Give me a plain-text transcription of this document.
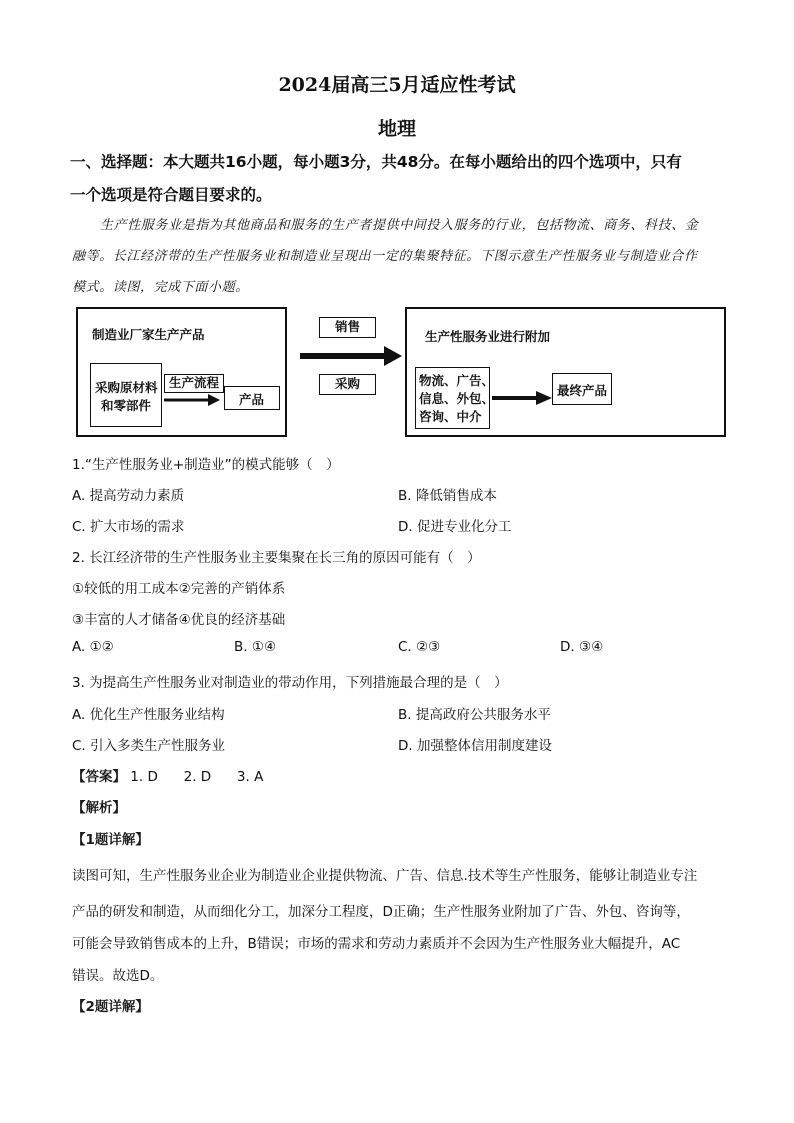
2024届高三5月适应性考试
地理
一、选择题：本大题共16小题，每小题3分，共48分。在每小题给出的四个选项中，只有
一个选项是符合题目要求的。
生产性服务业是指为其他商品和服务的生产者提供中间投入服务的行业，包括物流、商务、科技、金
融等。长江经济带的生产性服务业和制造业呈现出一定的集聚特征。下图示意生产性服务业与制造业合作
模式。读图，完成下面小题。
制造业厂家生产产品
采购原材料
和零部件
生产流程
产品
销售
采购
生产性服务业进行附加
物流、广告、
信息、外包、
咨询、中介
最终产品
1.“生产性服务业+制造业”的模式能够（　）
A. 提高劳动力素质	B. 降低销售成本
C. 扩大市场的需求	D. 促进专业化分工
2. 长江经济带的生产性服务业主要集聚在长三角的原因可能有（　）
①较低的用工成本②完善的产销体系
③丰富的人才储备④优良的经济基础
A. ①②	B. ①④	C. ②③	D. ③④
3. 为提高生产性服务业对制造业的带动作用，下列措施最合理的是（　）
A. 优化生产性服务业结构	B. 提高政府公共服务水平
C. 引入多类生产性服务业	D. 加强整体信用制度建设
【答案】 1. D      2. D      3. A
【解析】
【1题详解】
读图可知，生产性服务业企业为制造业企业提供物流、广告、信息.技术等生产性服务，能够让制造业专注
产品的研发和制造，从而细化分工，加深分工程度，D正确；生产性服务业附加了广告、外包、咨询等，
可能会导致销售成本的上升，B错误；市场的需求和劳动力素质并不会因为生产性服务业大幅提升，AC
错误。故选D。
【2题详解】
